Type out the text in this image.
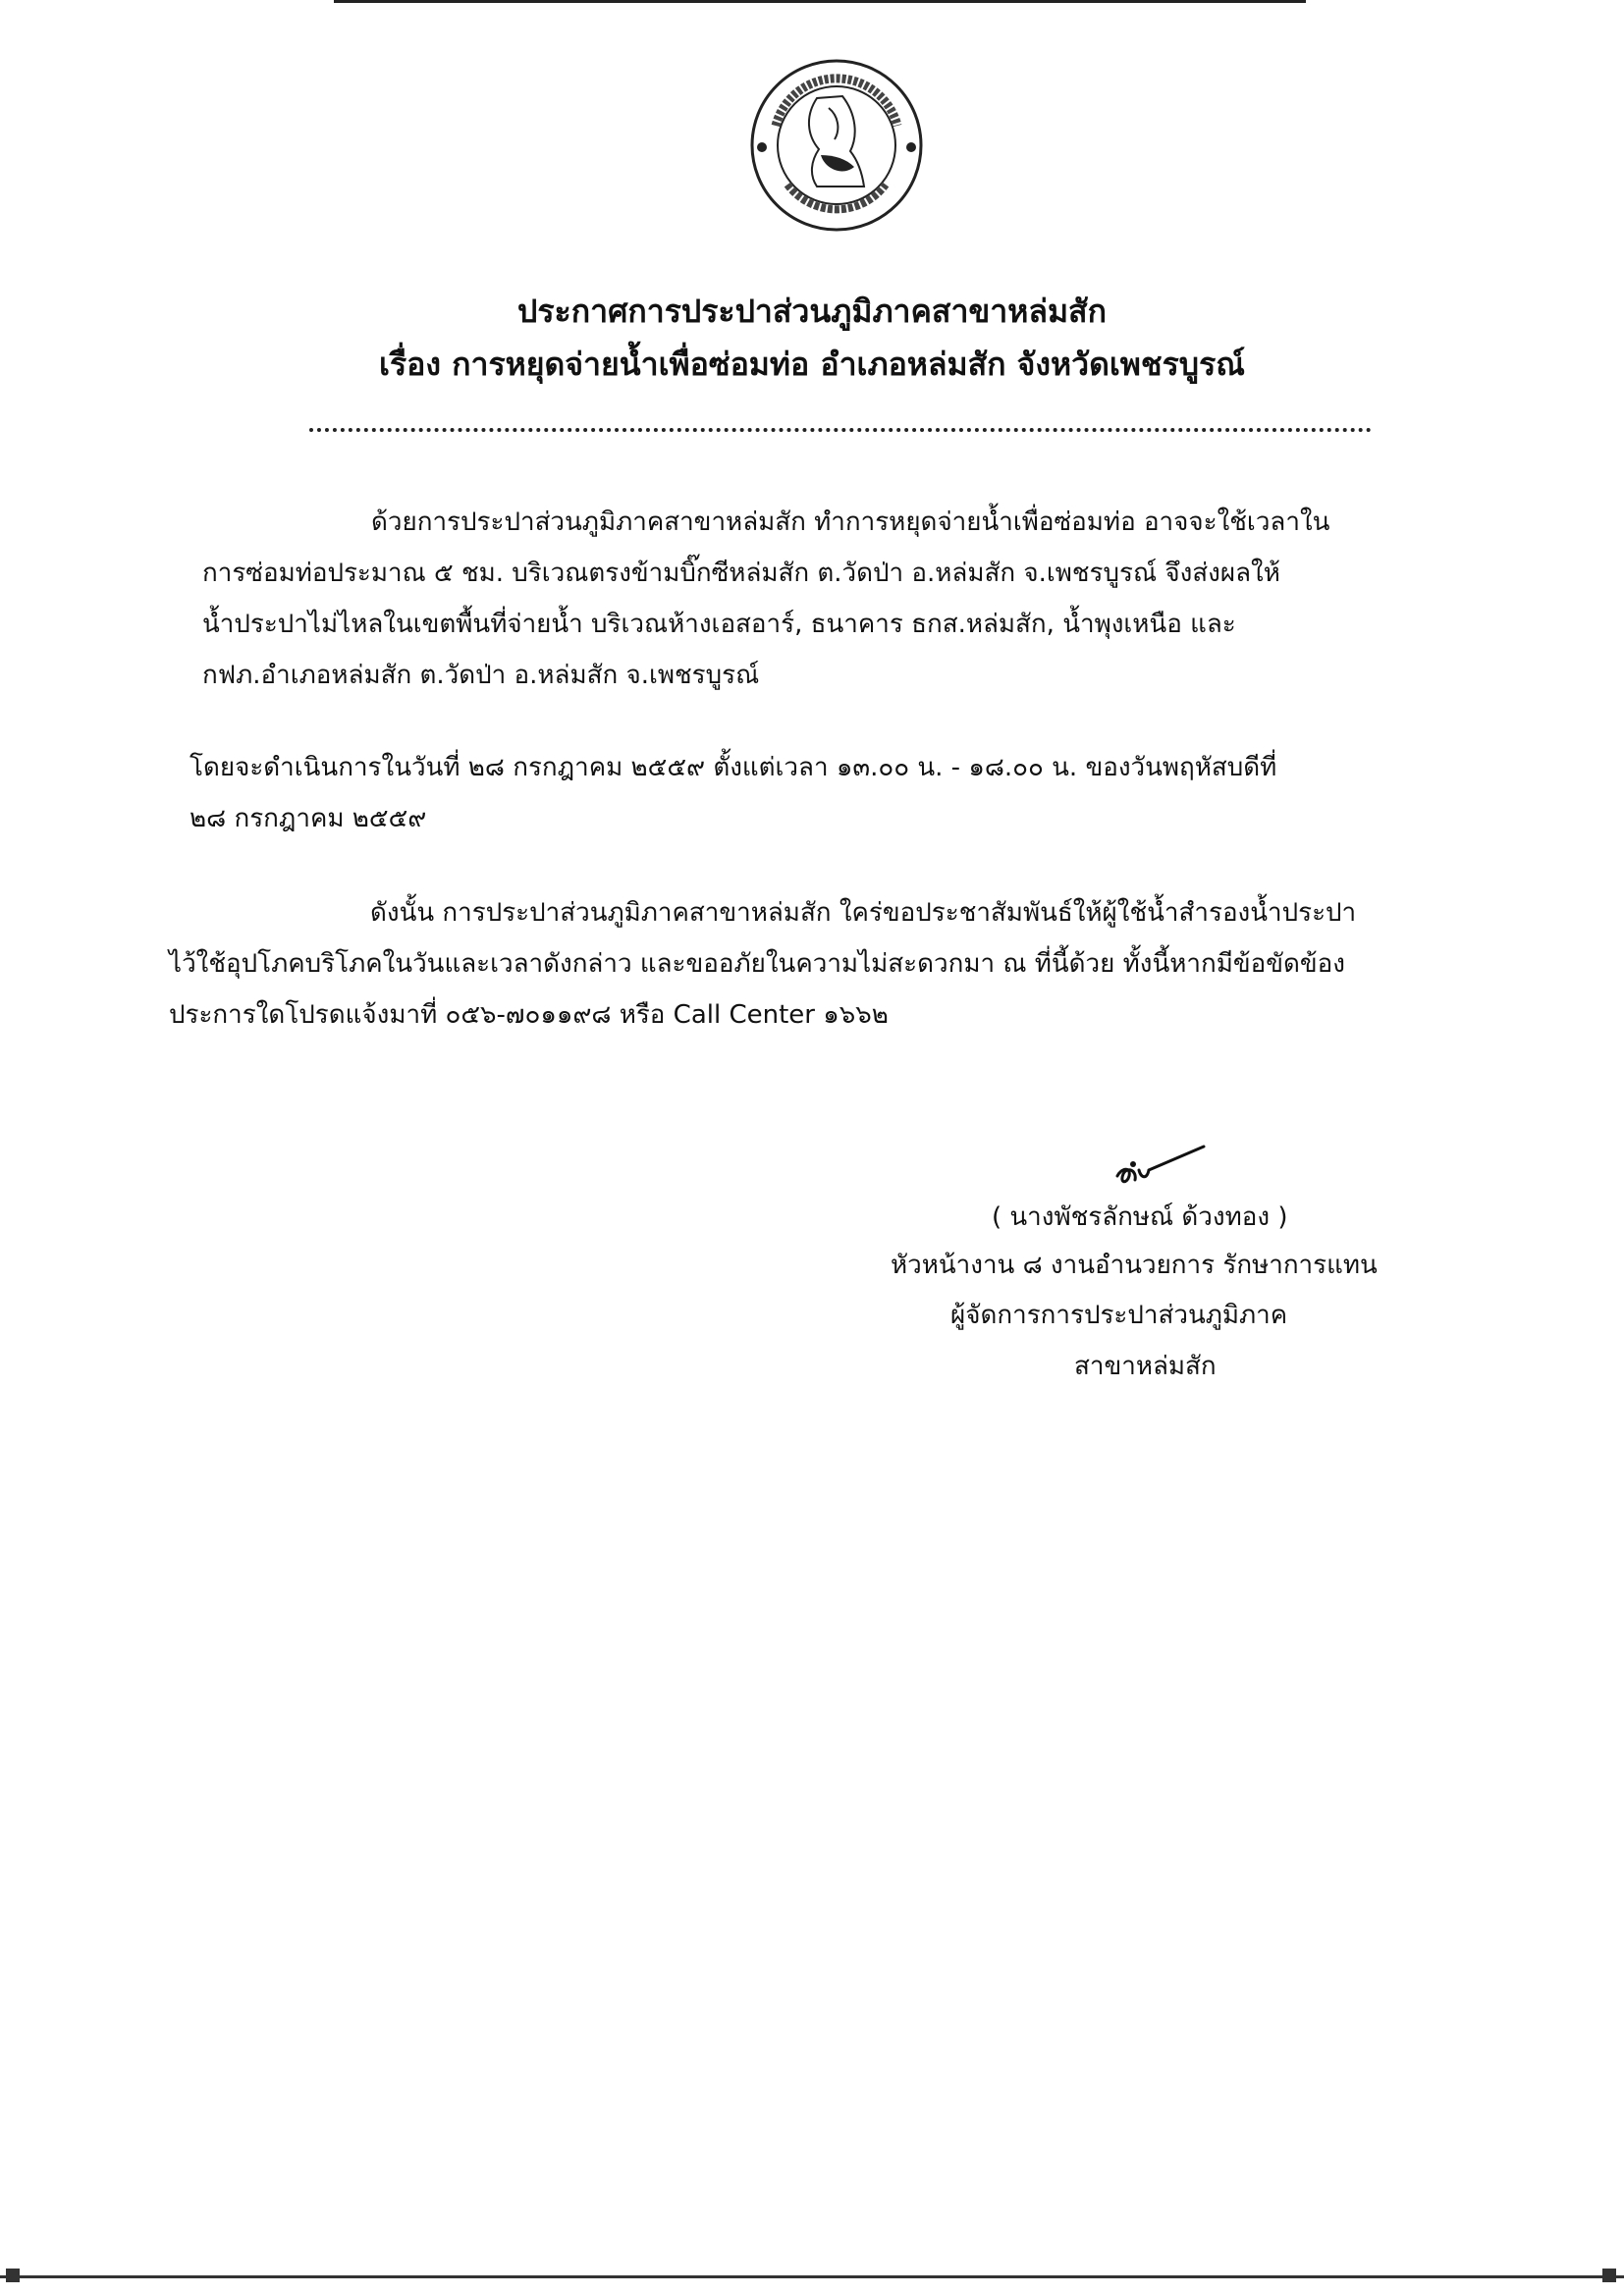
ประกาศการประปาส่วนภูมิภาคสาขาหล่มสัก
เรื่อง การหยุดจ่ายน้ำเพื่อซ่อมท่อ อำเภอหล่มสัก จังหวัดเพชรบูรณ์

ด้วยการประปาส่วนภูมิภาคสาขาหล่มสัก ทำการหยุดจ่ายน้ำเพื่อซ่อมท่อ อาจจะใช้เวลาใน
การซ่อมท่อประมาณ ๕ ชม. บริเวณตรงข้ามบิ๊กซีหล่มสัก ต.วัดป่า อ.หล่มสัก จ.เพชรบูรณ์ จึงส่งผลให้
น้ำประปาไม่ไหลในเขตพื้นที่จ่ายน้ำ บริเวณห้างเอสอาร์, ธนาคาร ธกส.หล่มสัก, น้ำพุงเหนือ และ
กฟภ.อำเภอหล่มสัก ต.วัดป่า อ.หล่มสัก จ.เพชรบูรณ์

โดยจะดำเนินการในวันที่ ๒๘ กรกฎาคม ๒๕๕๙ ตั้งแต่เวลา ๑๓.๐๐ น. - ๑๘.๐๐ น. ของวันพฤหัสบดีที่
๒๘ กรกฎาคม ๒๕๕๙

ดังนั้น การประปาส่วนภูมิภาคสาขาหล่มสัก ใคร่ขอประชาสัมพันธ์ให้ผู้ใช้น้ำสำรองน้ำประปา
ไว้ใช้อุปโภคบริโภคในวันและเวลาดังกล่าว และขออภัยในความไม่สะดวกมา ณ ที่นี้ด้วย ทั้งนี้หากมีข้อขัดข้อง
ประการใดโปรดแจ้งมาที่ ๐๕๖-๗๐๑๑๙๘ หรือ Call Center ๑๖๖๒

( นางพัชรลักษณ์ ด้วงทอง )

หัวหน้างาน ๘ งานอำนวยการ รักษาการแทน

ผู้จัดการการประปาส่วนภูมิภาค

สาขาหล่มสัก
